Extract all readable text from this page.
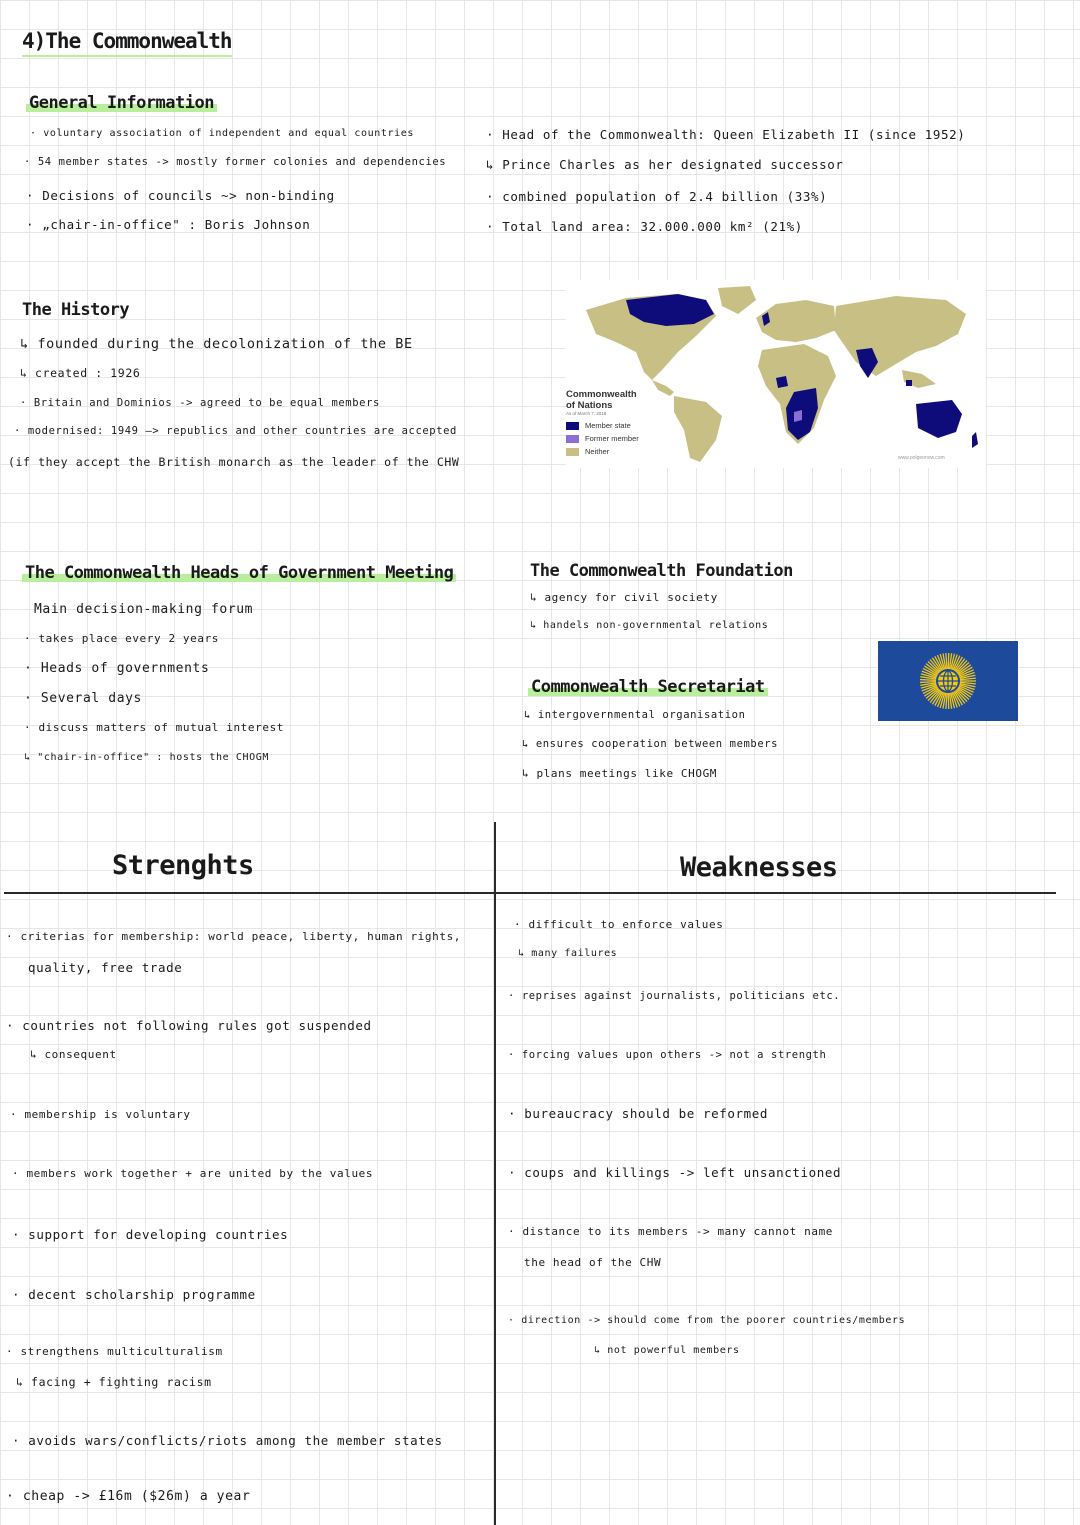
4)The Commonwealth
General Information
· voluntary association of independent and equal countries
· 54 member states -> mostly former colonies and dependencies
· Decisions of councils ~> non-binding
· „chair-in-office" : Boris Johnson
· Head of the Commonwealth: Queen Elizabeth II (since 1952)
↳ Prince Charles as her designated successor
· combined population of 2.4 billion (33%)
· Total land area: 32.000.000 km² (21%)
The History
↳ founded during the decolonization of the BE
↳ created : 1926
· Britain and Dominios -> agreed to be equal members
· modernised: 1949 —> republics and other countries are accepted
(if they accept the British monarch as the leader of the CHW
Commonwealth
of Nations
As of March 7, 2018
Member state
Former member
Neither
www.polgeonow.com
The Commonwealth Heads of Government Meeting
Main decision-making forum
· takes place every 2 years
· Heads of governments
· Several days
· discuss matters of mutual interest
↳ "chair-in-office" : hosts the CHOGM
The Commonwealth Foundation
↳ agency for civil society
↳ handels non-governmental relations
Commonwealth Secretariat
↳ intergovernmental organisation
↳ ensures cooperation between members
↳ plans meetings like CHOGM
Strenghts
· criterias for membership: world peace, liberty, human rights,
quality, free trade
· countries not following rules got suspended
↳ consequent
· membership is voluntary
· members work together + are united by the values
· support for developing countries
· decent scholarship programme
· strengthens multiculturalism
↳ facing + fighting racism
· avoids wars/conflicts/riots among the member states
· cheap -> £16m ($26m) a year
Weaknesses
· difficult to enforce values
↳ many failures
· reprises against journalists, politicians etc.
· forcing values upon others -> not a strength
· bureaucracy should be reformed
· coups and killings -> left unsanctioned
· distance to its members -> many cannot name
the head of the CHW
· direction -> should come from the poorer countries/members
↳ not powerful members
